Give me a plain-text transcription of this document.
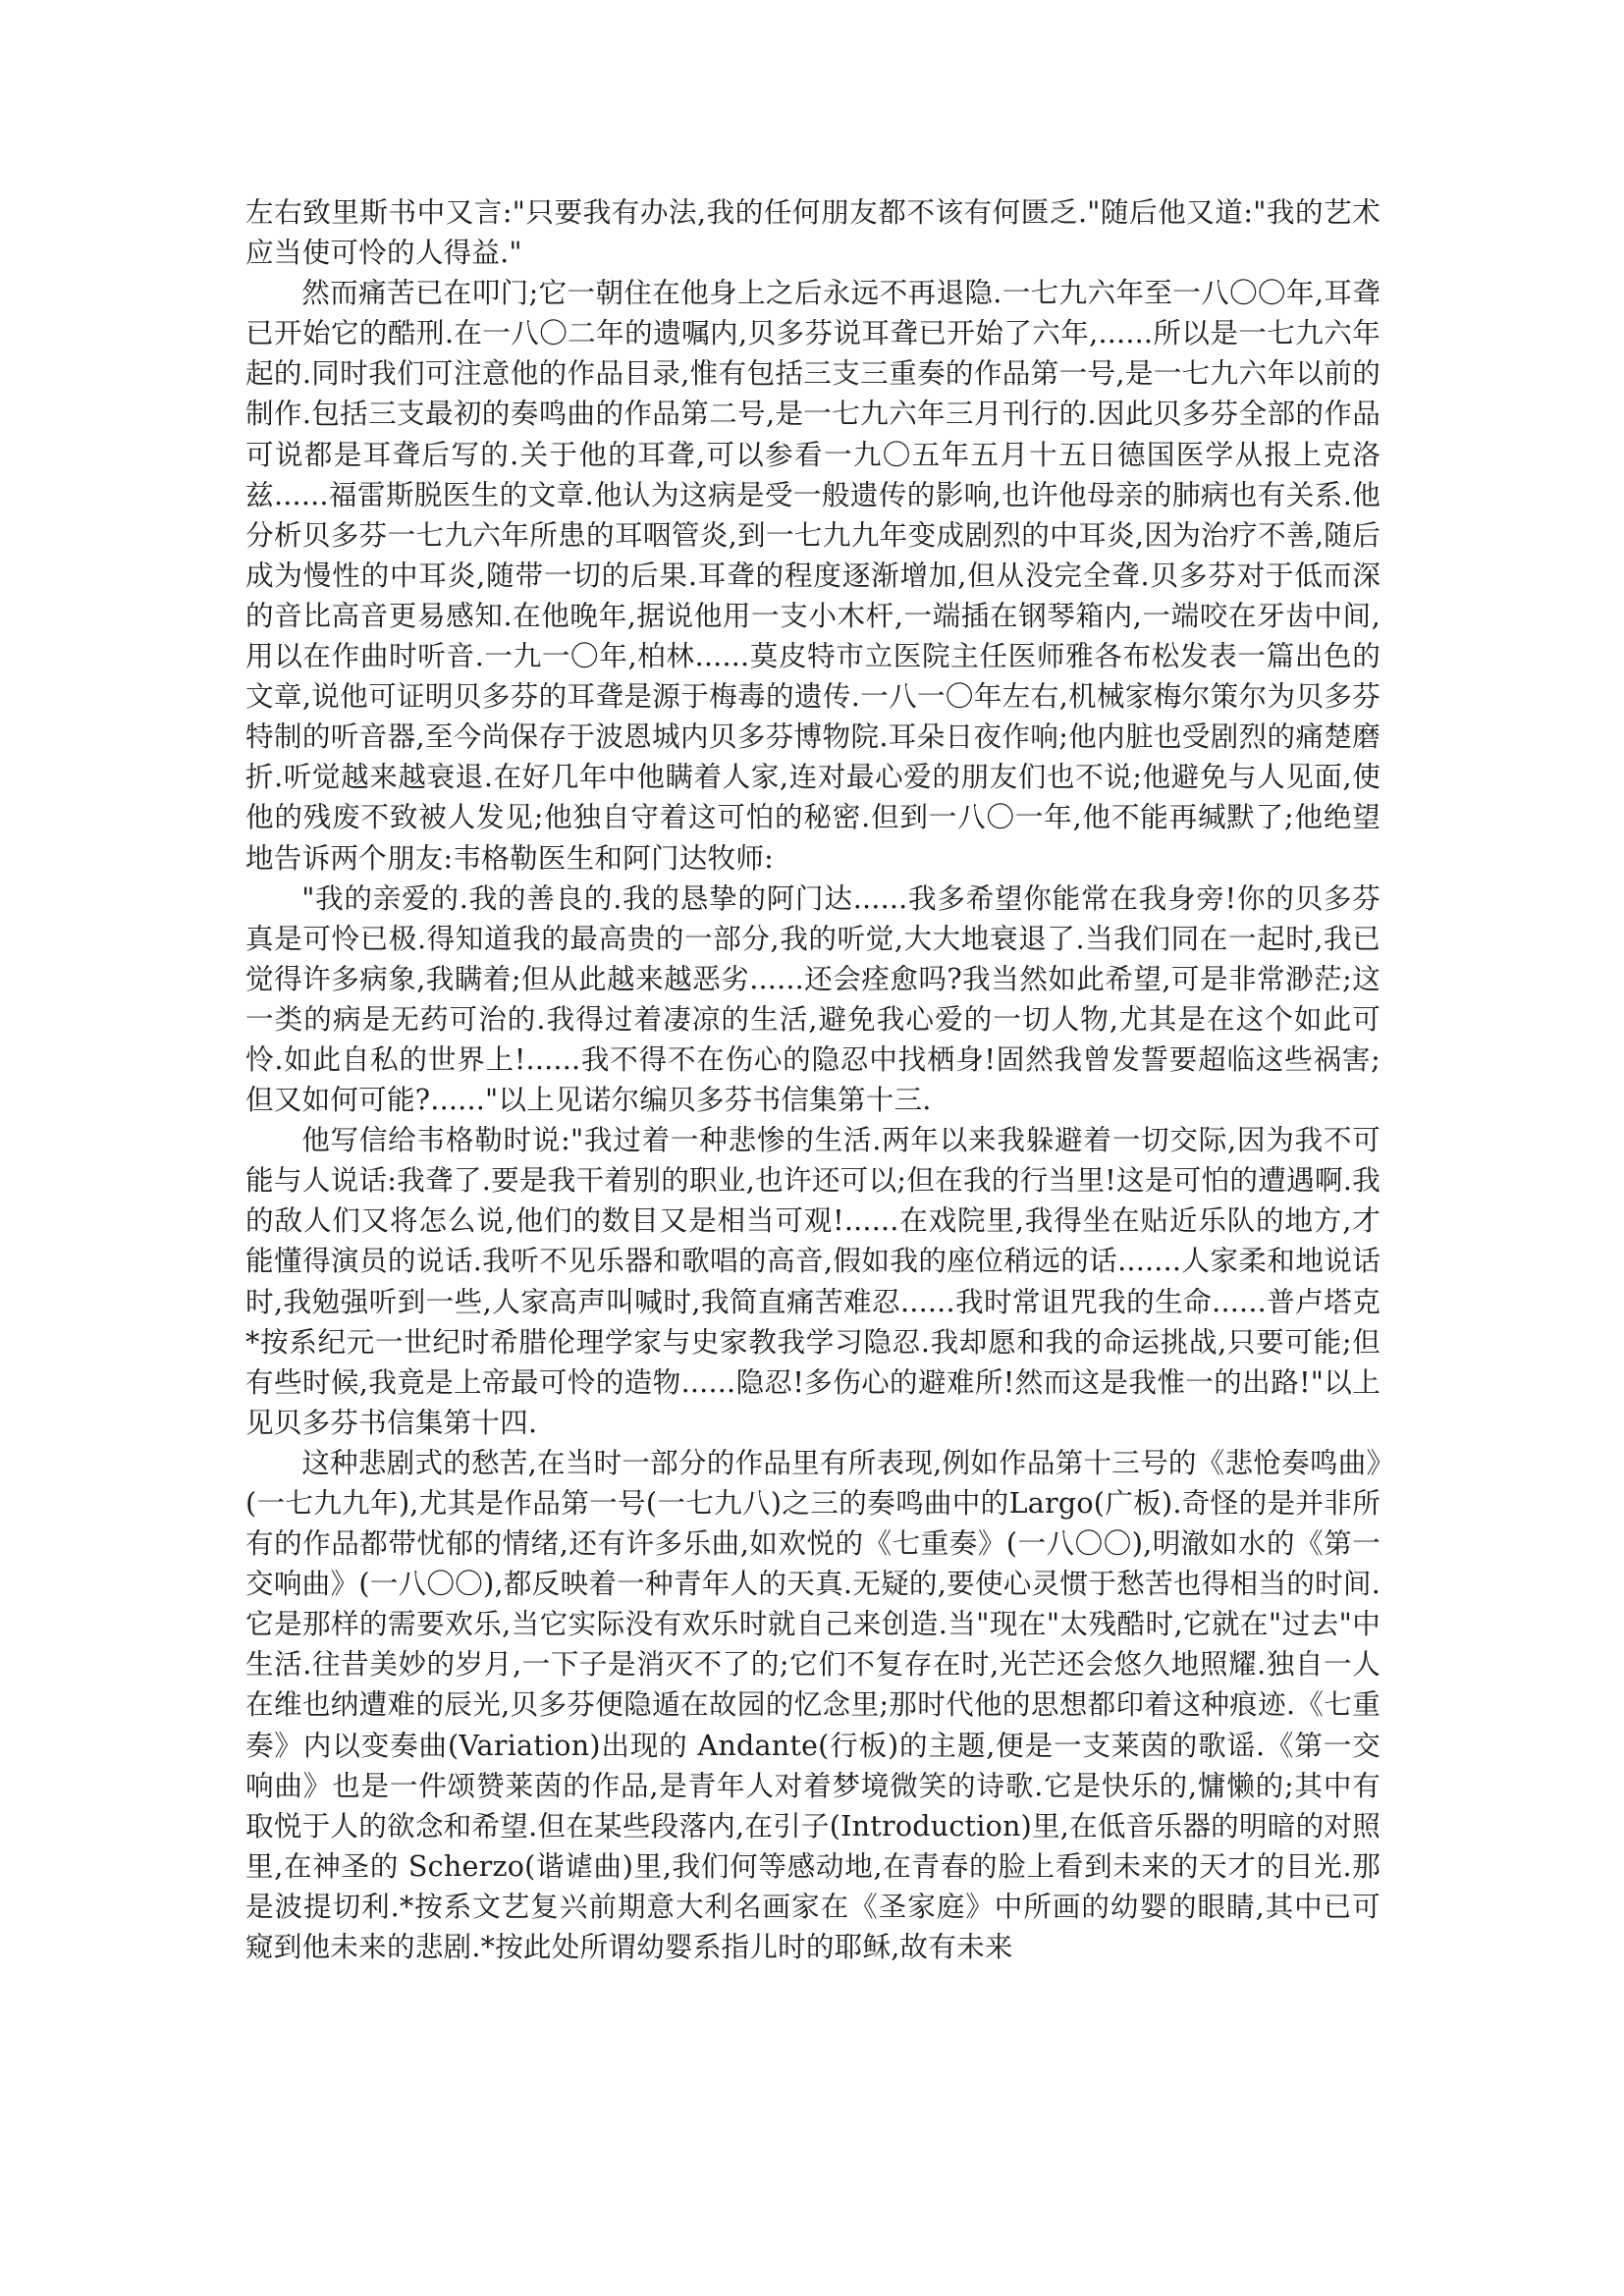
左右致里斯书中又言:"只要我有办法,我的任何朋友都不该有何匮乏."随后他又道:"我的艺术应当使可怜的人得益."

然而痛苦已在叩门;它一朝住在他身上之后永远不再退隐.一七九六年至一八〇〇年,耳聋已开始它的酷刑.在一八〇二年的遗嘱内,贝多芬说耳聋已开始了六年,......所以是一七九六年起的.同时我们可注意他的作品目录,惟有包括三支三重奏的作品第一号,是一七九六年以前的制作.包括三支最初的奏鸣曲的作品第二号,是一七九六年三月刊行的.因此贝多芬全部的作品可说都是耳聋后写的.关于他的耳聋,可以参看一九〇五年五月十五日德国医学从报上克洛兹......福雷斯脱医生的文章.他认为这病是受一般遗传的影响,也许他母亲的肺病也有关系.他分析贝多芬一七九六年所患的耳咽管炎,到一七九九年变成剧烈的中耳炎,因为治疗不善,随后成为慢性的中耳炎,随带一切的后果.耳聋的程度逐渐增加,但从没完全聋.贝多芬对于低而深的音比高音更易感知.在他晚年,据说他用一支小木杆,一端插在钢琴箱内,一端咬在牙齿中间,用以在作曲时听音.一九一〇年,柏林......莫皮特市立医院主任医师雅各布松发表一篇出色的文章,说他可证明贝多芬的耳聋是源于梅毒的遗传.一八一〇年左右,机械家梅尔策尔为贝多芬特制的听音器,至今尚保存于波恩城内贝多芬博物院.耳朵日夜作响;他内脏也受剧烈的痛楚磨折.听觉越来越衰退.在好几年中他瞒着人家,连对最心爱的朋友们也不说;他避免与人见面,使他的残废不致被人发见;他独自守着这可怕的秘密.但到一八〇一年,他不能再缄默了;他绝望地告诉两个朋友:韦格勒医生和阿门达牧师:

"我的亲爱的.我的善良的.我的恳挚的阿门达......我多希望你能常在我身旁!你的贝多芬真是可怜已极.得知道我的最高贵的一部分,我的听觉,大大地衰退了.当我们同在一起时,我已觉得许多病象,我瞒着;但从此越来越恶劣......还会痊愈吗?我当然如此希望,可是非常渺茫;这一类的病是无药可治的.我得过着凄凉的生活,避免我心爱的一切人物,尤其是在这个如此可怜.如此自私的世界上!......我不得不在伤心的隐忍中找栖身!固然我曾发誓要超临这些祸害;但又如何可能?......"以上见诺尔编贝多芬书信集第十三.

他写信给韦格勒时说:"我过着一种悲惨的生活.两年以来我躲避着一切交际,因为我不可能与人说话:我聋了.要是我干着别的职业,也许还可以;但在我的行当里!这是可怕的遭遇啊.我的敌人们又将怎么说,他们的数目又是相当可观!......在戏院里,我得坐在贴近乐队的地方,才能懂得演员的说话.我听不见乐器和歌唱的高音,假如我的座位稍远的话.......人家柔和地说话时,我勉强听到一些,人家高声叫喊时,我简直痛苦难忍......我时常诅咒我的生命......普卢塔克*按系纪元一世纪时希腊伦理学家与史家教我学习隐忍.我却愿和我的命运挑战,只要可能;但有些时候,我竟是上帝最可怜的造物......隐忍!多伤心的避难所!然而这是我惟一的出路!"以上见贝多芬书信集第十四.

这种悲剧式的愁苦,在当时一部分的作品里有所表现,例如作品第十三号的《悲怆奏鸣曲》(一七九九年),尤其是作品第一号(一七九八)之三的奏鸣曲中的Largo(广板).奇怪的是并非所有的作品都带忧郁的情绪,还有许多乐曲,如欢悦的《七重奏》(一八〇〇),明澈如水的《第一交响曲》(一八〇〇),都反映着一种青年人的天真.无疑的,要使心灵惯于愁苦也得相当的时间.它是那样的需要欢乐,当它实际没有欢乐时就自己来创造.当"现在"太残酷时,它就在"过去"中生活.往昔美妙的岁月,一下子是消灭不了的;它们不复存在时,光芒还会悠久地照耀.独自一人在维也纳遭难的辰光,贝多芬便隐遁在故园的忆念里;那时代他的思想都印着这种痕迹.《七重奏》内以变奏曲(Variation)出现的 Andante(行板)的主题,便是一支莱茵的歌谣.《第一交响曲》也是一件颂赞莱茵的作品,是青年人对着梦境微笑的诗歌.它是快乐的,慵懒的;其中有取悦于人的欲念和希望.但在某些段落内,在引子(Introduction)里,在低音乐器的明暗的对照里,在神圣的 Scherzo(谐谑曲)里,我们何等感动地,在青春的脸上看到未来的天才的目光.那是波提切利.*按系文艺复兴前期意大利名画家在《圣家庭》中所画的幼婴的眼睛,其中已可窥到他未来的悲剧.*按此处所谓幼婴系指儿时的耶稣,故有未来
